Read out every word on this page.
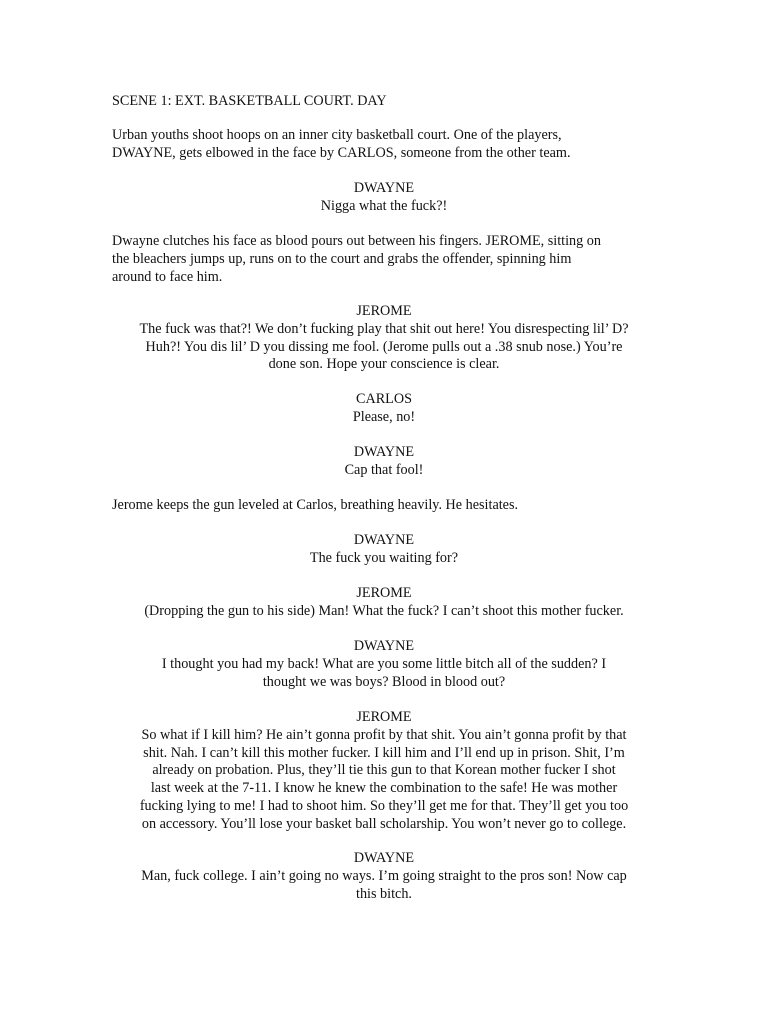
SCENE 1: EXT. BASKETBALL COURT. DAY
Urban youths shoot hoops on an inner city basketball court. One of the players,
DWAYNE, gets elbowed in the face by CARLOS, someone from the other team.
DWAYNE
Nigga what the fuck?!
Dwayne clutches his face as blood pours out between his fingers. JEROME, sitting on
the bleachers jumps up, runs on to the court and grabs the offender, spinning him
around to face him.
JEROME
The fuck was that?! We don’t fucking play that shit out here! You disrespecting lil’ D?
Huh?! You dis lil’ D you dissing me fool. (Jerome pulls out a .38 snub nose.) You’re
done son. Hope your conscience is clear.
CARLOS
Please, no!
DWAYNE
Cap that fool!
Jerome keeps the gun leveled at Carlos, breathing heavily. He hesitates.
DWAYNE
The fuck you waiting for?
JEROME
(Dropping the gun to his side) Man! What the fuck? I can’t shoot this mother fucker.
DWAYNE
I thought you had my back! What are you some little bitch all of the sudden? I
thought we was boys? Blood in blood out?
JEROME
So what if I kill him? He ain’t gonna profit by that shit. You ain’t gonna profit by that
shit. Nah. I can’t kill this mother fucker. I kill him and I’ll end up in prison. Shit, I’m
already on probation. Plus, they’ll tie this gun to that Korean mother fucker I shot
last week at the 7-11. I know he knew the combination to the safe! He was mother
fucking lying to me! I had to shoot him. So they’ll get me for that. They’ll get you too
on accessory. You’ll lose your basket ball scholarship. You won’t never go to college.
DWAYNE
Man, fuck college. I ain’t going no ways. I’m going straight to the pros son! Now cap
this bitch.
